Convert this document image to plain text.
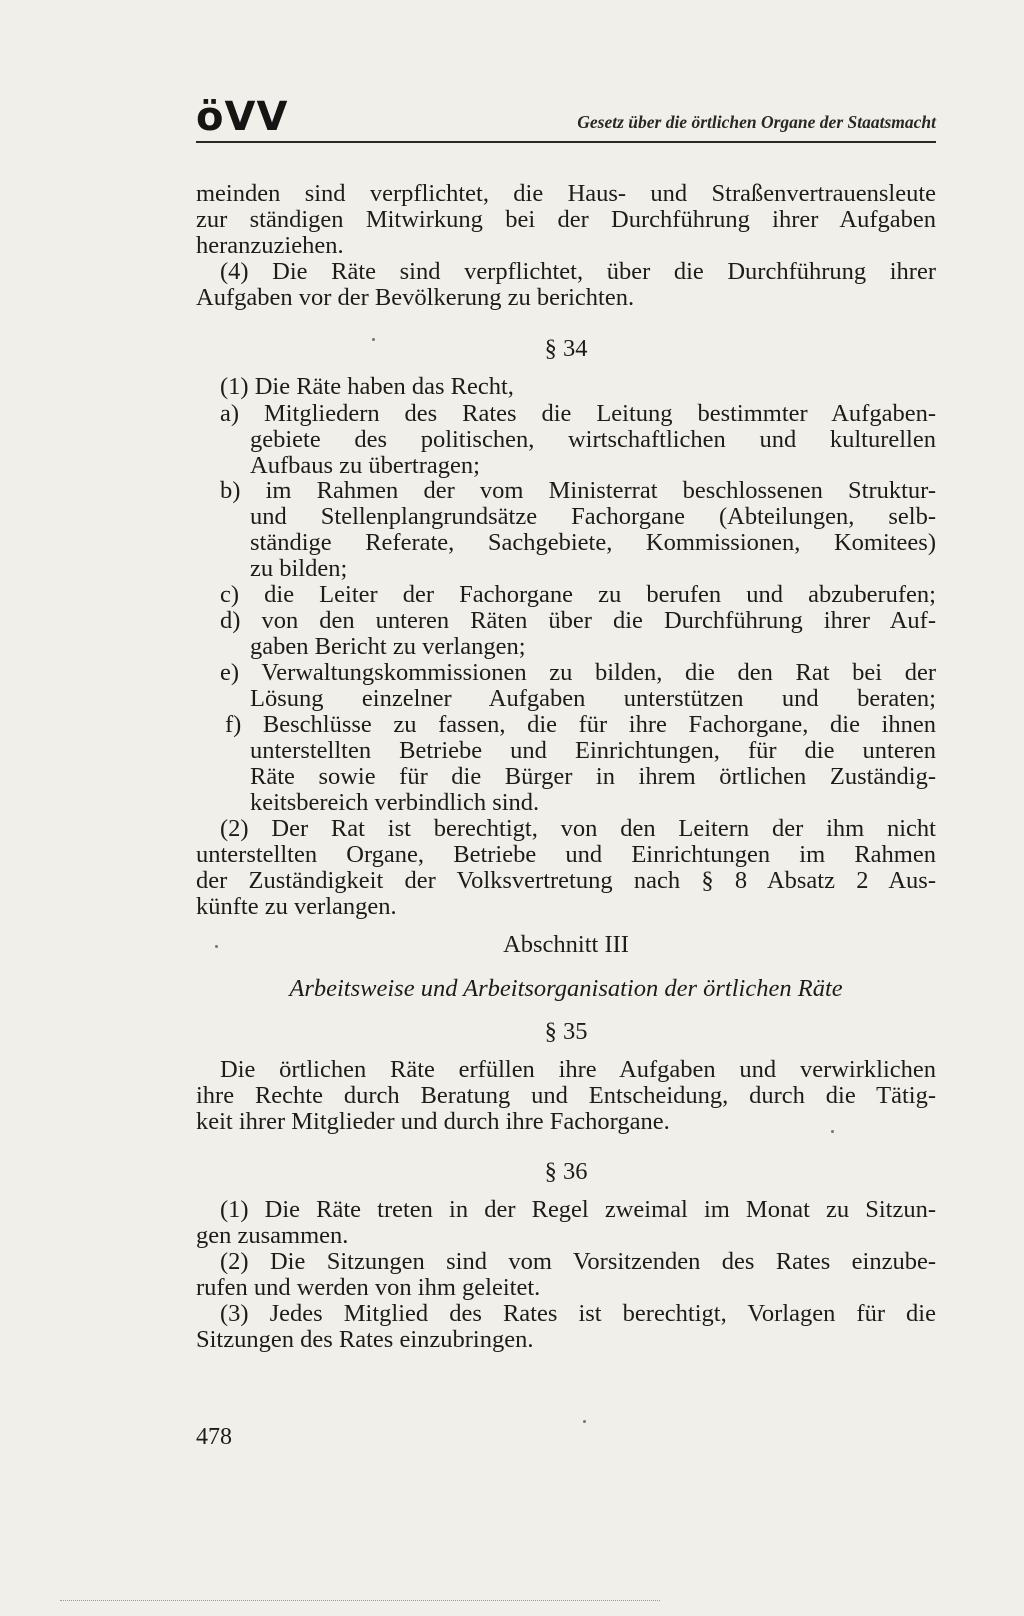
öVV	Gesetz über die örtlichen Organe der Staatsmacht
meinden sind verpflichtet, die Haus- und Straßenvertrauensleute
zur ständigen Mitwirkung bei der Durchführung ihrer Aufgaben
heranzuziehen.
(4) Die Räte sind verpflichtet, über die Durchführung ihrer
Aufgaben vor der Bevölkerung zu berichten.
§ 34
(1) Die Räte haben das Recht,
a) Mitgliedern des Rates die Leitung bestimmter Aufgaben-
gebiete des politischen, wirtschaftlichen und kulturellen
Aufbaus zu übertragen;
b) im Rahmen der vom Ministerrat beschlossenen Struktur-
und Stellenplangrundsätze Fachorgane (Abteilungen, selb-
ständige Referate, Sachgebiete, Kommissionen, Komitees)
zu bilden;
c) die Leiter der Fachorgane zu berufen und abzuberufen;
d) von den unteren Räten über die Durchführung ihrer Auf-
gaben Bericht zu verlangen;
e) Verwaltungskommissionen zu bilden, die den Rat bei der
Lösung einzelner Aufgaben unterstützen und beraten;
f) Beschlüsse zu fassen, die für ihre Fachorgane, die ihnen
unterstellten Betriebe und Einrichtungen, für die unteren
Räte sowie für die Bürger in ihrem örtlichen Zuständig-
keitsbereich verbindlich sind.
(2) Der Rat ist berechtigt, von den Leitern der ihm nicht
unterstellten Organe, Betriebe und Einrichtungen im Rahmen
der Zuständigkeit der Volksvertretung nach § 8 Absatz 2 Aus-
künfte zu verlangen.
Abschnitt III
Arbeitsweise und Arbeitsorganisation der örtlichen Räte
§ 35
Die örtlichen Räte erfüllen ihre Aufgaben und verwirklichen
ihre Rechte durch Beratung und Entscheidung, durch die Tätig-
keit ihrer Mitglieder und durch ihre Fachorgane.
§ 36
(1) Die Räte treten in der Regel zweimal im Monat zu Sitzun-
gen zusammen.
(2) Die Sitzungen sind vom Vorsitzenden des Rates einzube-
rufen und werden von ihm geleitet.
(3) Jedes Mitglied des Rates ist berechtigt, Vorlagen für die
Sitzungen des Rates einzubringen.
478
